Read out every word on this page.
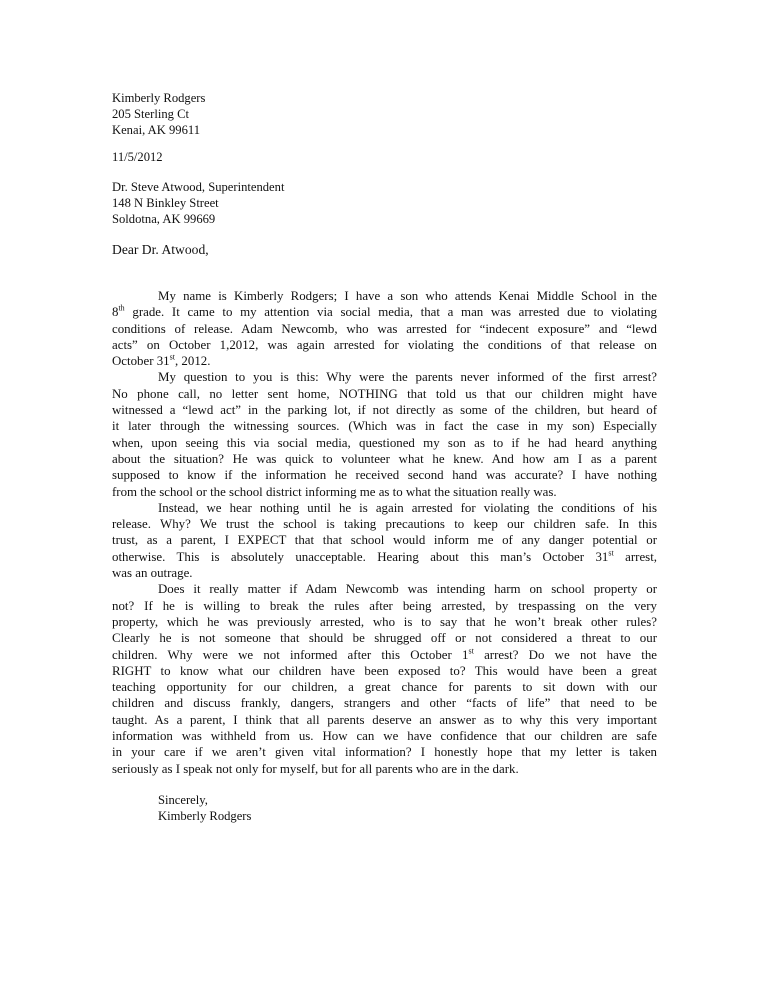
Kimberly Rodgers
205 Sterling Ct
Kenai, AK 99611
11/5/2012
Dr. Steve Atwood, Superintendent
148 N Binkley Street
Soldotna, AK 99669
Dear Dr. Atwood,
My name is Kimberly Rodgers; I have a son who attends Kenai Middle School in the
8th grade. It came to my attention via social media, that a man was arrested due to violating
conditions of release. Adam Newcomb, who was arrested for “indecent exposure” and “lewd
acts” on October 1,2012, was again arrested for violating the conditions of that release on
October 31st, 2012.
My question to you is this: Why were the parents never informed of the first arrest?
No phone call, no letter sent home, NOTHING that told us that our children might have
witnessed a “lewd act” in the parking lot, if not directly as some of the children, but heard of
it later through the witnessing sources. (Which was in fact the case in my son) Especially
when, upon seeing this via social media, questioned my son as to if he had heard anything
about the situation? He was quick to volunteer what he knew. And how am I as a parent
supposed to know if the information he received second hand was accurate? I have nothing
from the school or the school district informing me as to what the situation really was.
Instead, we hear nothing until he is again arrested for violating the conditions of his
release. Why? We trust the school is taking precautions to keep our children safe. In this
trust, as a parent, I EXPECT that that school would inform me of any danger potential or
otherwise. This is absolutely unacceptable. Hearing about this man’s October 31st arrest,
was an outrage.
Does it really matter if Adam Newcomb was intending harm on school property or
not? If he is willing to break the rules after being arrested, by trespassing on the very
property, which he was previously arrested, who is to say that he won’t break other rules?
Clearly he is not someone that should be shrugged off or not considered a threat to our
children. Why were we not informed after this October 1st arrest? Do we not have the
RIGHT to know what our children have been exposed to? This would have been a great
teaching opportunity for our children, a great chance for parents to sit down with our
children and discuss frankly, dangers, strangers and other “facts of life” that need to be
taught. As a parent, I think that all parents deserve an answer as to why this very important
information was withheld from us. How can we have confidence that our children are safe
in your care if we aren’t given vital information? I honestly hope that my letter is taken
seriously as I speak not only for myself, but for all parents who are in the dark.
Sincerely,
Kimberly Rodgers
